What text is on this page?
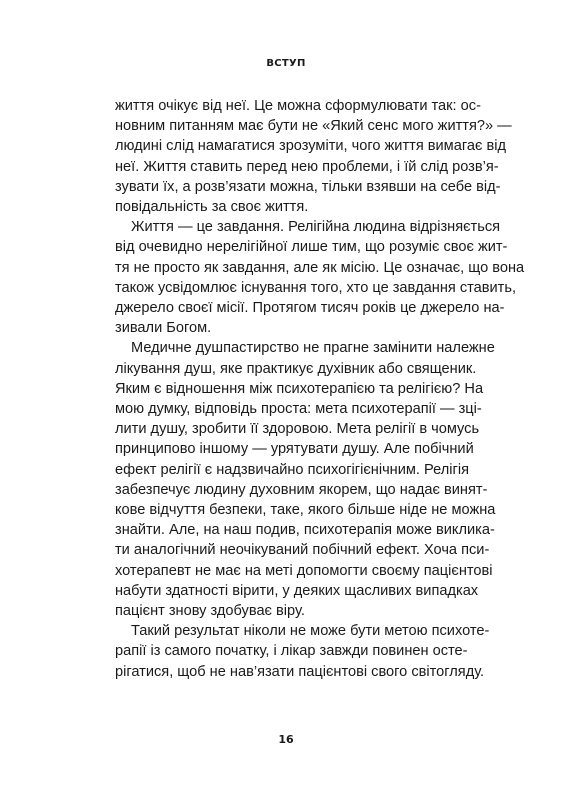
ВСТУП

життя очікує від неї. Це можна сформулювати так: ос-
новним питанням має бути не «Який сенс мого життя?» —
людині слід намагатися зрозуміти, чого життя вимагає від
неї. Життя ставить перед нею проблеми, і їй слід розв’я-
зувати їх, а розв’язати можна, тільки взявши на себе від-
повідальність за своє життя.

Життя — це завдання. Релігійна людина відрізняється
від очевидно нерелігійної лише тим, що розуміє своє жит-
тя не просто як завдання, але як місію. Це означає, що вона
також усвідомлює існування того, хто це завдання ставить,
джерело своєї місії. Протягом тисяч років це джерело на-
зивали Богом.

Медичне душпастирство не прагне замінити належне
лікування душ, яке практикує духівник або священик.
Яким є відношення між психотерапією та релігією? На
мою думку, відповідь проста: мета психотерапії — зці-
лити душу, зробити її здоровою. Мета релігії в чомусь
принципово іншому — урятувати душу. Але побічний
ефект релігії є надзвичайно психогігієнічним. Релігія
забезпечує людину духовним якорем, що надає винят-
кове відчуття безпеки, таке, якого більше ніде не можна
знайти. Але, на наш подив, психотерапія може виклика-
ти аналогічний неочікуваний побічний ефект. Хоча пси-
хотерапевт не має на меті допомогти своєму пацієнтові
набути здатності вірити, у деяких щасливих випадках
пацієнт знову здобуває віру.

Такий результат ніколи не може бути метою психоте-
рапії із самого початку, і лікар завжди повинен осте-
рігатися, щоб не нав’язати пацієнтові свого світогляду.

16
